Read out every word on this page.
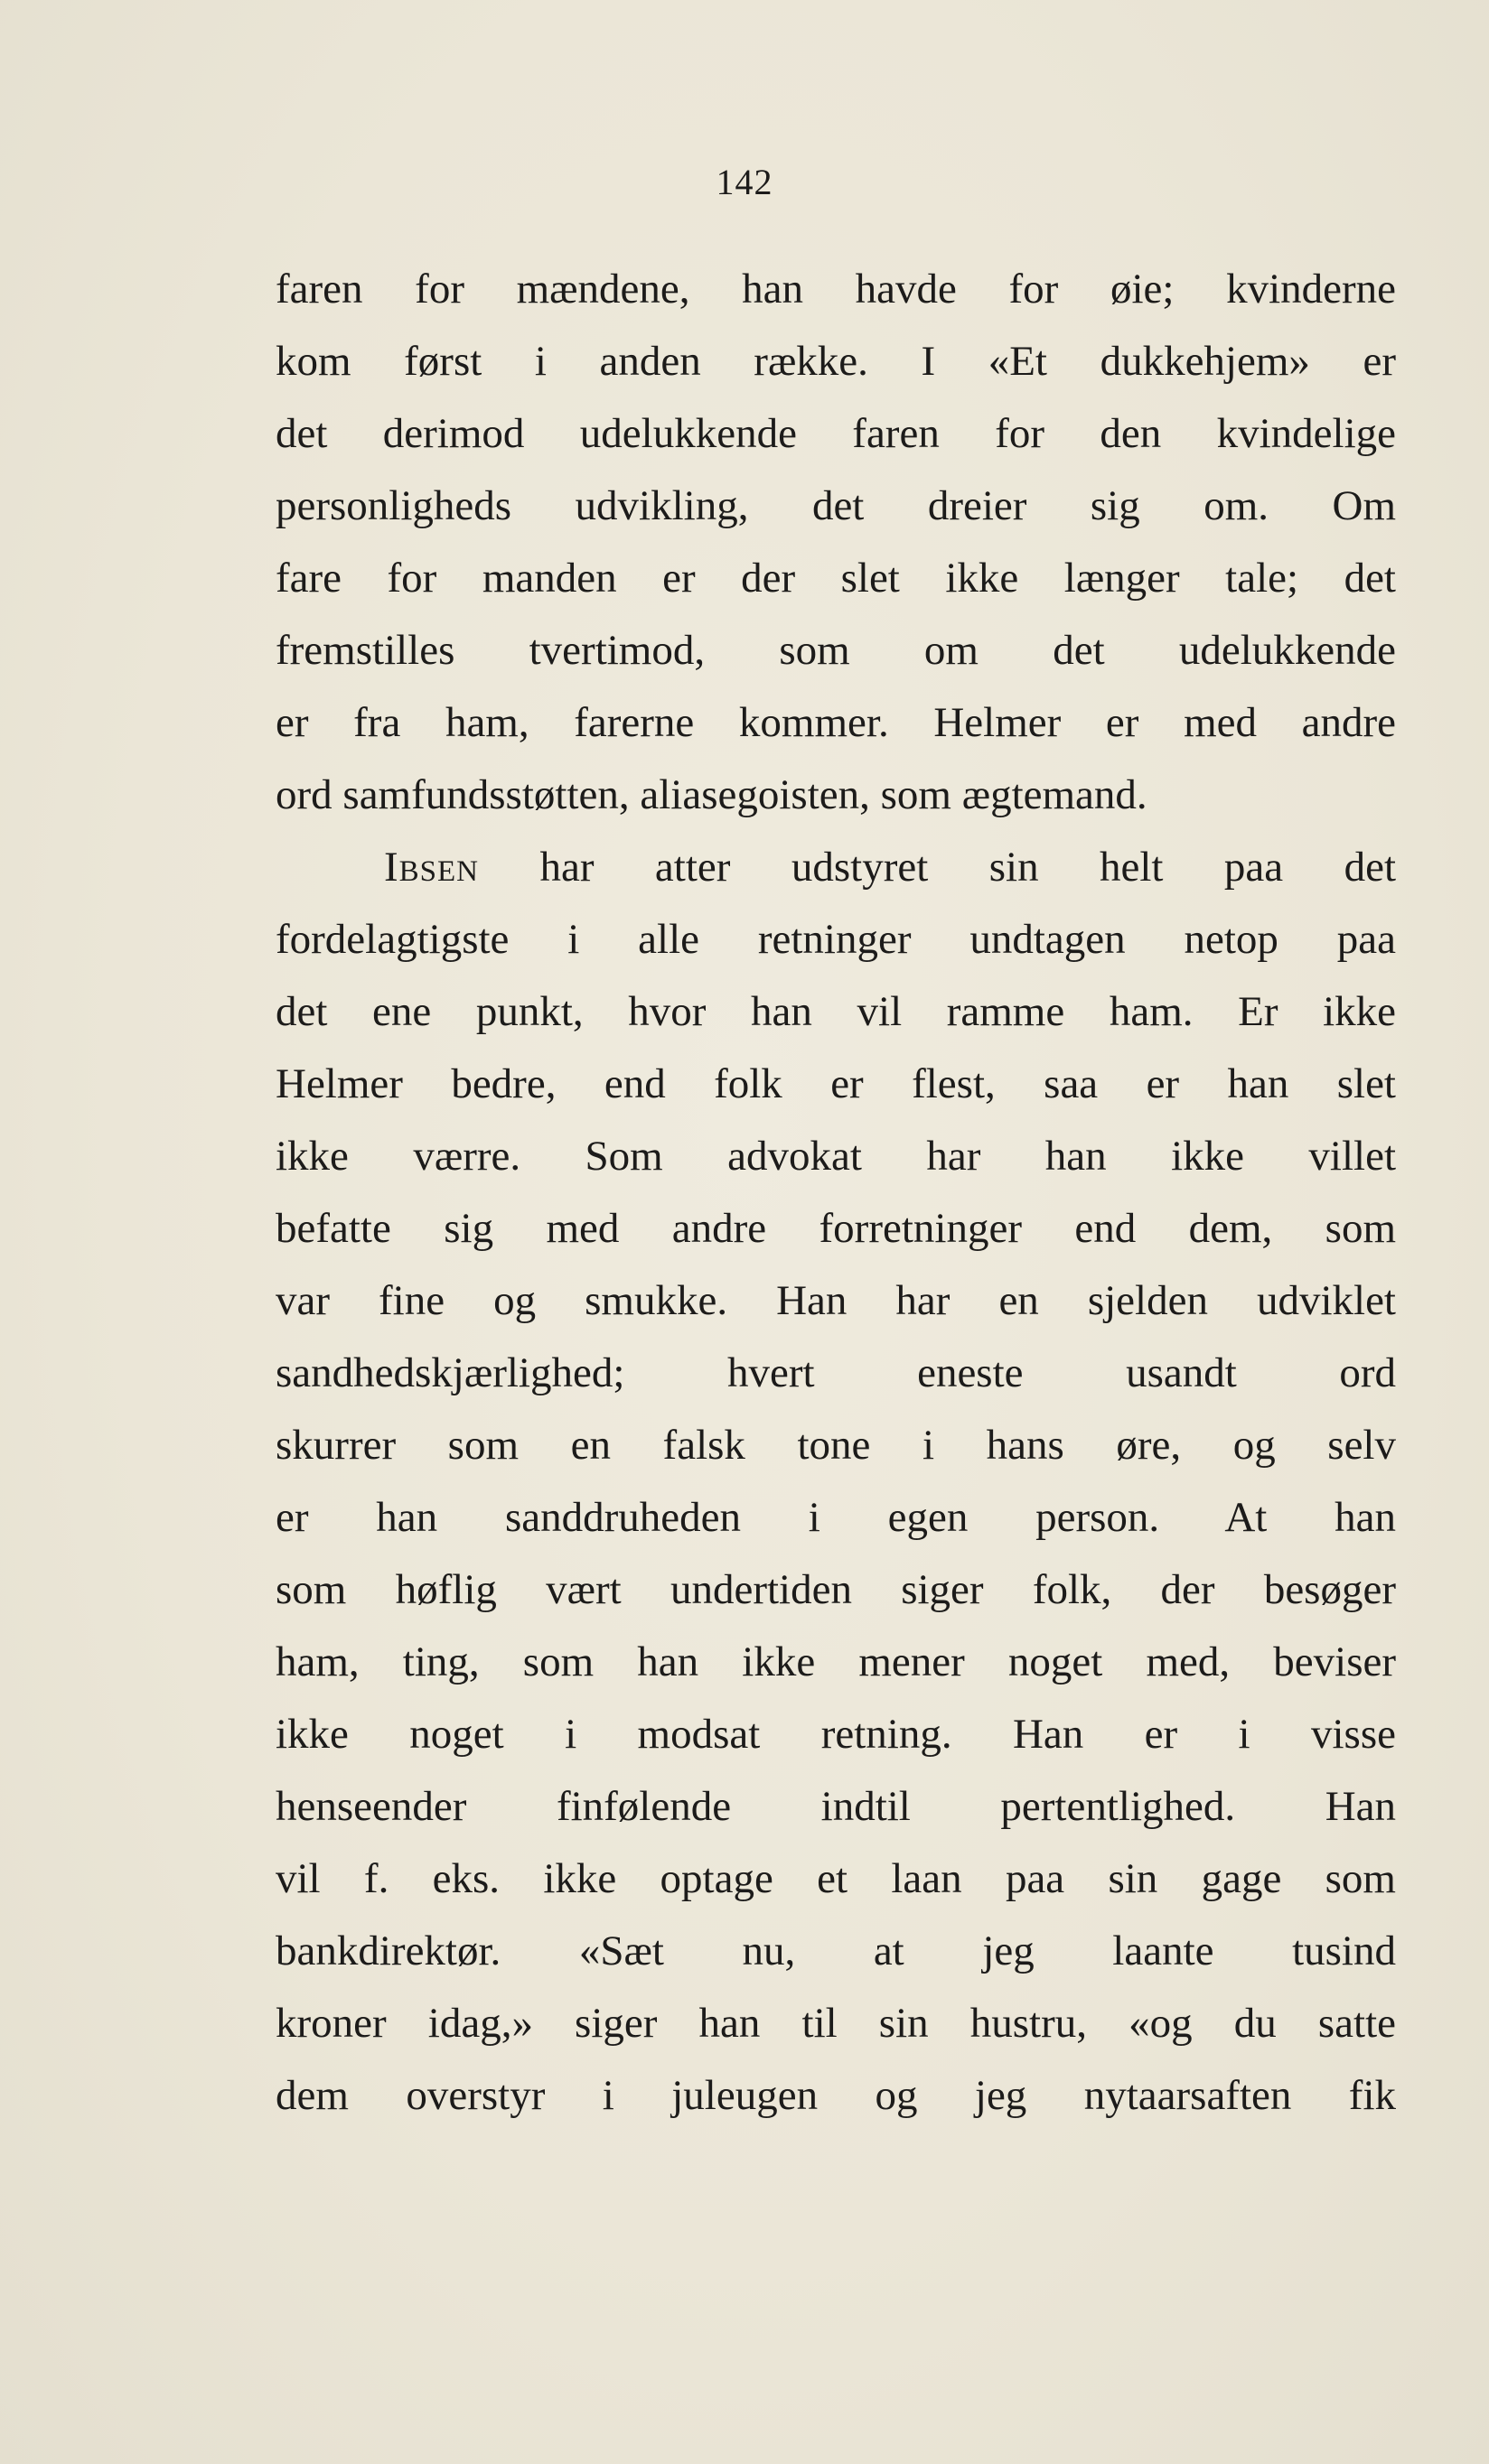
142
faren for mændene, han havde for øie; kvinderne
kom først i anden række. I «Et dukkehjem» er
det derimod udelukkende faren for den kvindelige
personligheds udvikling, det dreier sig om. Om
fare for manden er der slet ikke længer tale; det
fremstilles tvertimod, som om det udelukkende
er fra ham, farerne kommer. Helmer er med andre
ord samfundsstøtten, aliasegoisten, som ægtemand.
Ibsen har atter udstyret sin helt paa det
fordelagtigste i alle retninger undtagen netop paa
det ene punkt, hvor han vil ramme ham. Er ikke
Helmer bedre, end folk er flest, saa er han slet
ikke værre. Som advokat har han ikke villet
befatte sig med andre forretninger end dem, som
var fine og smukke. Han har en sjelden udviklet
sandhedskjærlighed; hvert eneste usandt ord
skurrer som en falsk tone i hans øre, og selv
er han sanddruheden i egen person. At han
som høflig vært undertiden siger folk, der besøger
ham, ting, som han ikke mener noget med, beviser
ikke noget i modsat retning. Han er i visse
henseender finfølende indtil pertentlighed. Han
vil f. eks. ikke optage et laan paa sin gage som
bankdirektør. «Sæt nu, at jeg laante tusind
kroner idag,» siger han til sin hustru, «og du satte
dem overstyr i juleugen og jeg nytaarsaften fik
